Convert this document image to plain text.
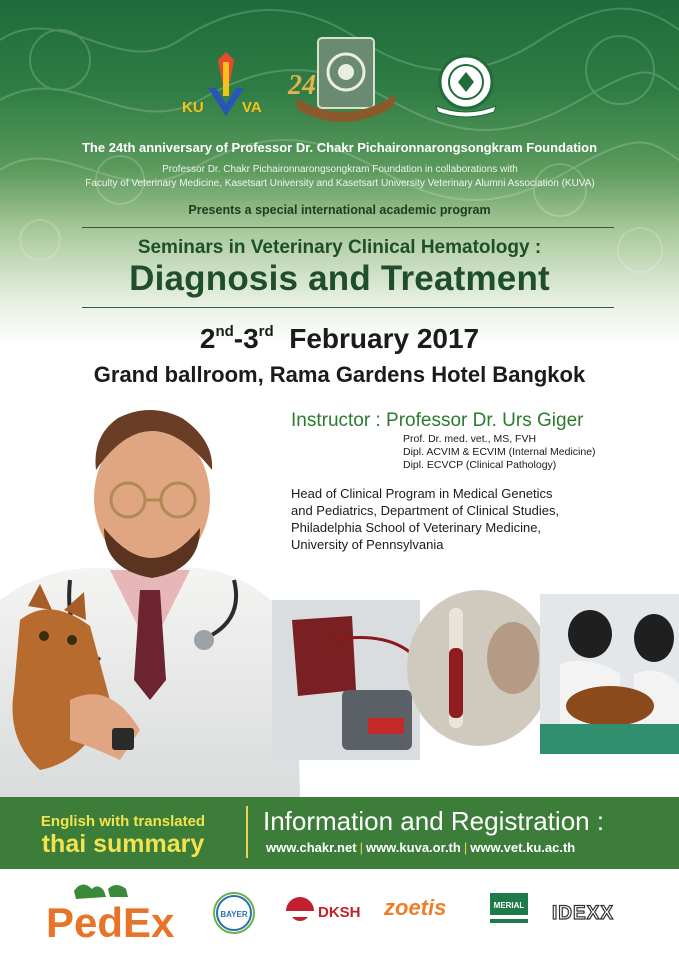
KU	VA
24
The 24th anniversary of Professor Dr. Chakr Pichaironnarongsongkram Foundation
Professor Dr. Chakr Pichaironnarongsongkram Foundation in collaborations with
Faculty of Veterinary Medicine, Kasetsart University and Kasetsart University Veterinary Alumni Association (KUVA)
Presents a special international academic program
Seminars in Veterinary Clinical Hematology :
Diagnosis and Treatment
2nd-3rd February 2017
Grand ballroom, Rama Gardens Hotel Bangkok
Instructor : Professor Dr. Urs Giger
Prof. Dr. med. vet., MS, FVH
Dipl. ACVIM & ECVIM (Internal Medicine)
Dipl. ECVCP (Clinical Pathology)
Head of Clinical Program in Medical Genetics
and Pediatrics, Department of Clinical Studies,
Philadelphia School of Veterinary Medicine,
University of Pennsylvania
English with translated
thai summary
Information and Registration :
www.chakr.net | www.kuva.or.th | www.vet.ku.ac.th
PedEx	BAYER	DKSH zoetis	MERIAL IDEXX
